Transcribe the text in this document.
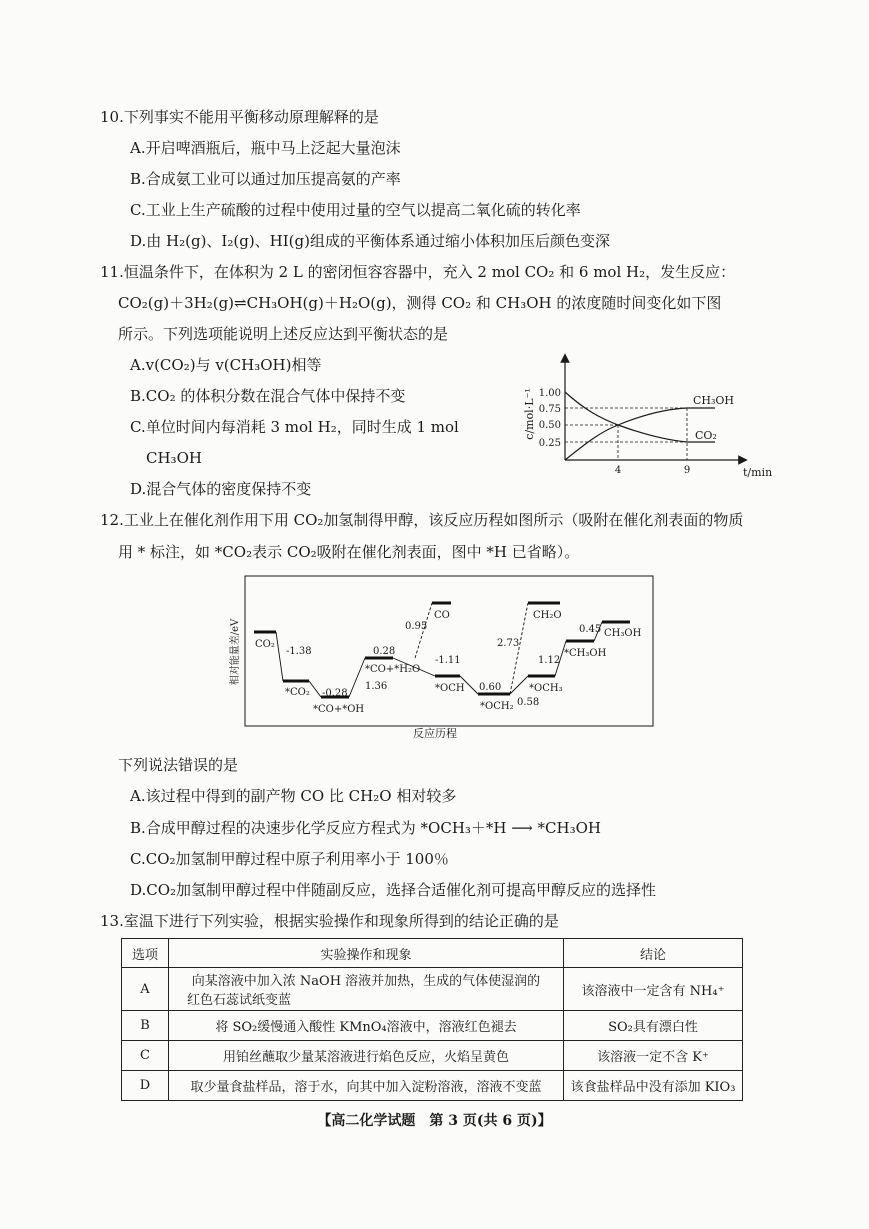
10.下列事实不能用平衡移动原理解释的是
A.开启啤酒瓶后，瓶中马上泛起大量泡沫
B.合成氨工业可以通过加压提高氨的产率
C.工业上生产硫酸的过程中使用过量的空气以提高二氧化硫的转化率
D.由 H₂(g)、I₂(g)、HI(g)组成的平衡体系通过缩小体积加压后颜色变深
11.恒温条件下，在体积为 2 L 的密闭恒容容器中，充入 2 mol CO₂ 和 6 mol H₂，发生反应：
CO₂(g)＋3H₂(g)⇌CH₃OH(g)＋H₂O(g)，测得 CO₂ 和 CH₃OH 的浓度随时间变化如下图
所示。下列选项能说明上述反应达到平衡状态的是
A.v(CO₂)与 v(CH₃OH)相等
B.CO₂ 的体积分数在混合气体中保持不变
C.单位时间内每消耗 3 mol H₂，同时生成 1 mol
CH₃OH
D.混合气体的密度保持不变
c/mol·L⁻¹
t/min
1.00
0.75
0.50
0.25
4	9
CH₃OH
CO₂
12.工业上在催化剂作用下用 CO₂加氢制得甲醇，该反应历程如图所示（吸附在催化剂表面的物质
用 * 标注，如 *CO₂表示 CO₂吸附在催化剂表面，图中 *H 已省略）。
相对能量差/eV
反应历程
CO₂
*CO₂
*CO+*OH
*CO+*H₂O
CO
*OCH
*OCH₂
CH₂O
*OCH₃
*CH₃OH
CH₃OH
-1.38
-0.28
1.36
0.28
0.95
-1.11
0.60
0.58
2.73
1.12
0.45
下列说法错误的是
A.该过程中得到的副产物 CO 比 CH₂O 相对较多
B.合成甲醇过程的决速步化学反应方程式为 *OCH₃＋*H ⟶ *CH₃OH
C.CO₂加氢制甲醇过程中原子利用率小于 100％
D.CO₂加氢制甲醇过程中伴随副反应，选择合适催化剂可提高甲醇反应的选择性
13.室温下进行下列实验，根据实验操作和现象所得到的结论正确的是
选项	实验操作和现象	结论
A	向某溶液中加入浓 NaOH 溶液并加热，生成的气体使湿润的
红色石蕊试纸变蓝	该溶液中一定含有 NH₄⁺
B	将 SO₂缓慢通入酸性 KMnO₄溶液中，溶液红色褪去	SO₂具有漂白性
C	用铂丝蘸取少量某溶液进行焰色反应，火焰呈黄色	该溶液一定不含 K⁺
D	取少量食盐样品，溶于水，向其中加入淀粉溶液，溶液不变蓝	该食盐样品中没有添加 KIO₃
【高二化学试题　第 3 页(共 6 页)】
